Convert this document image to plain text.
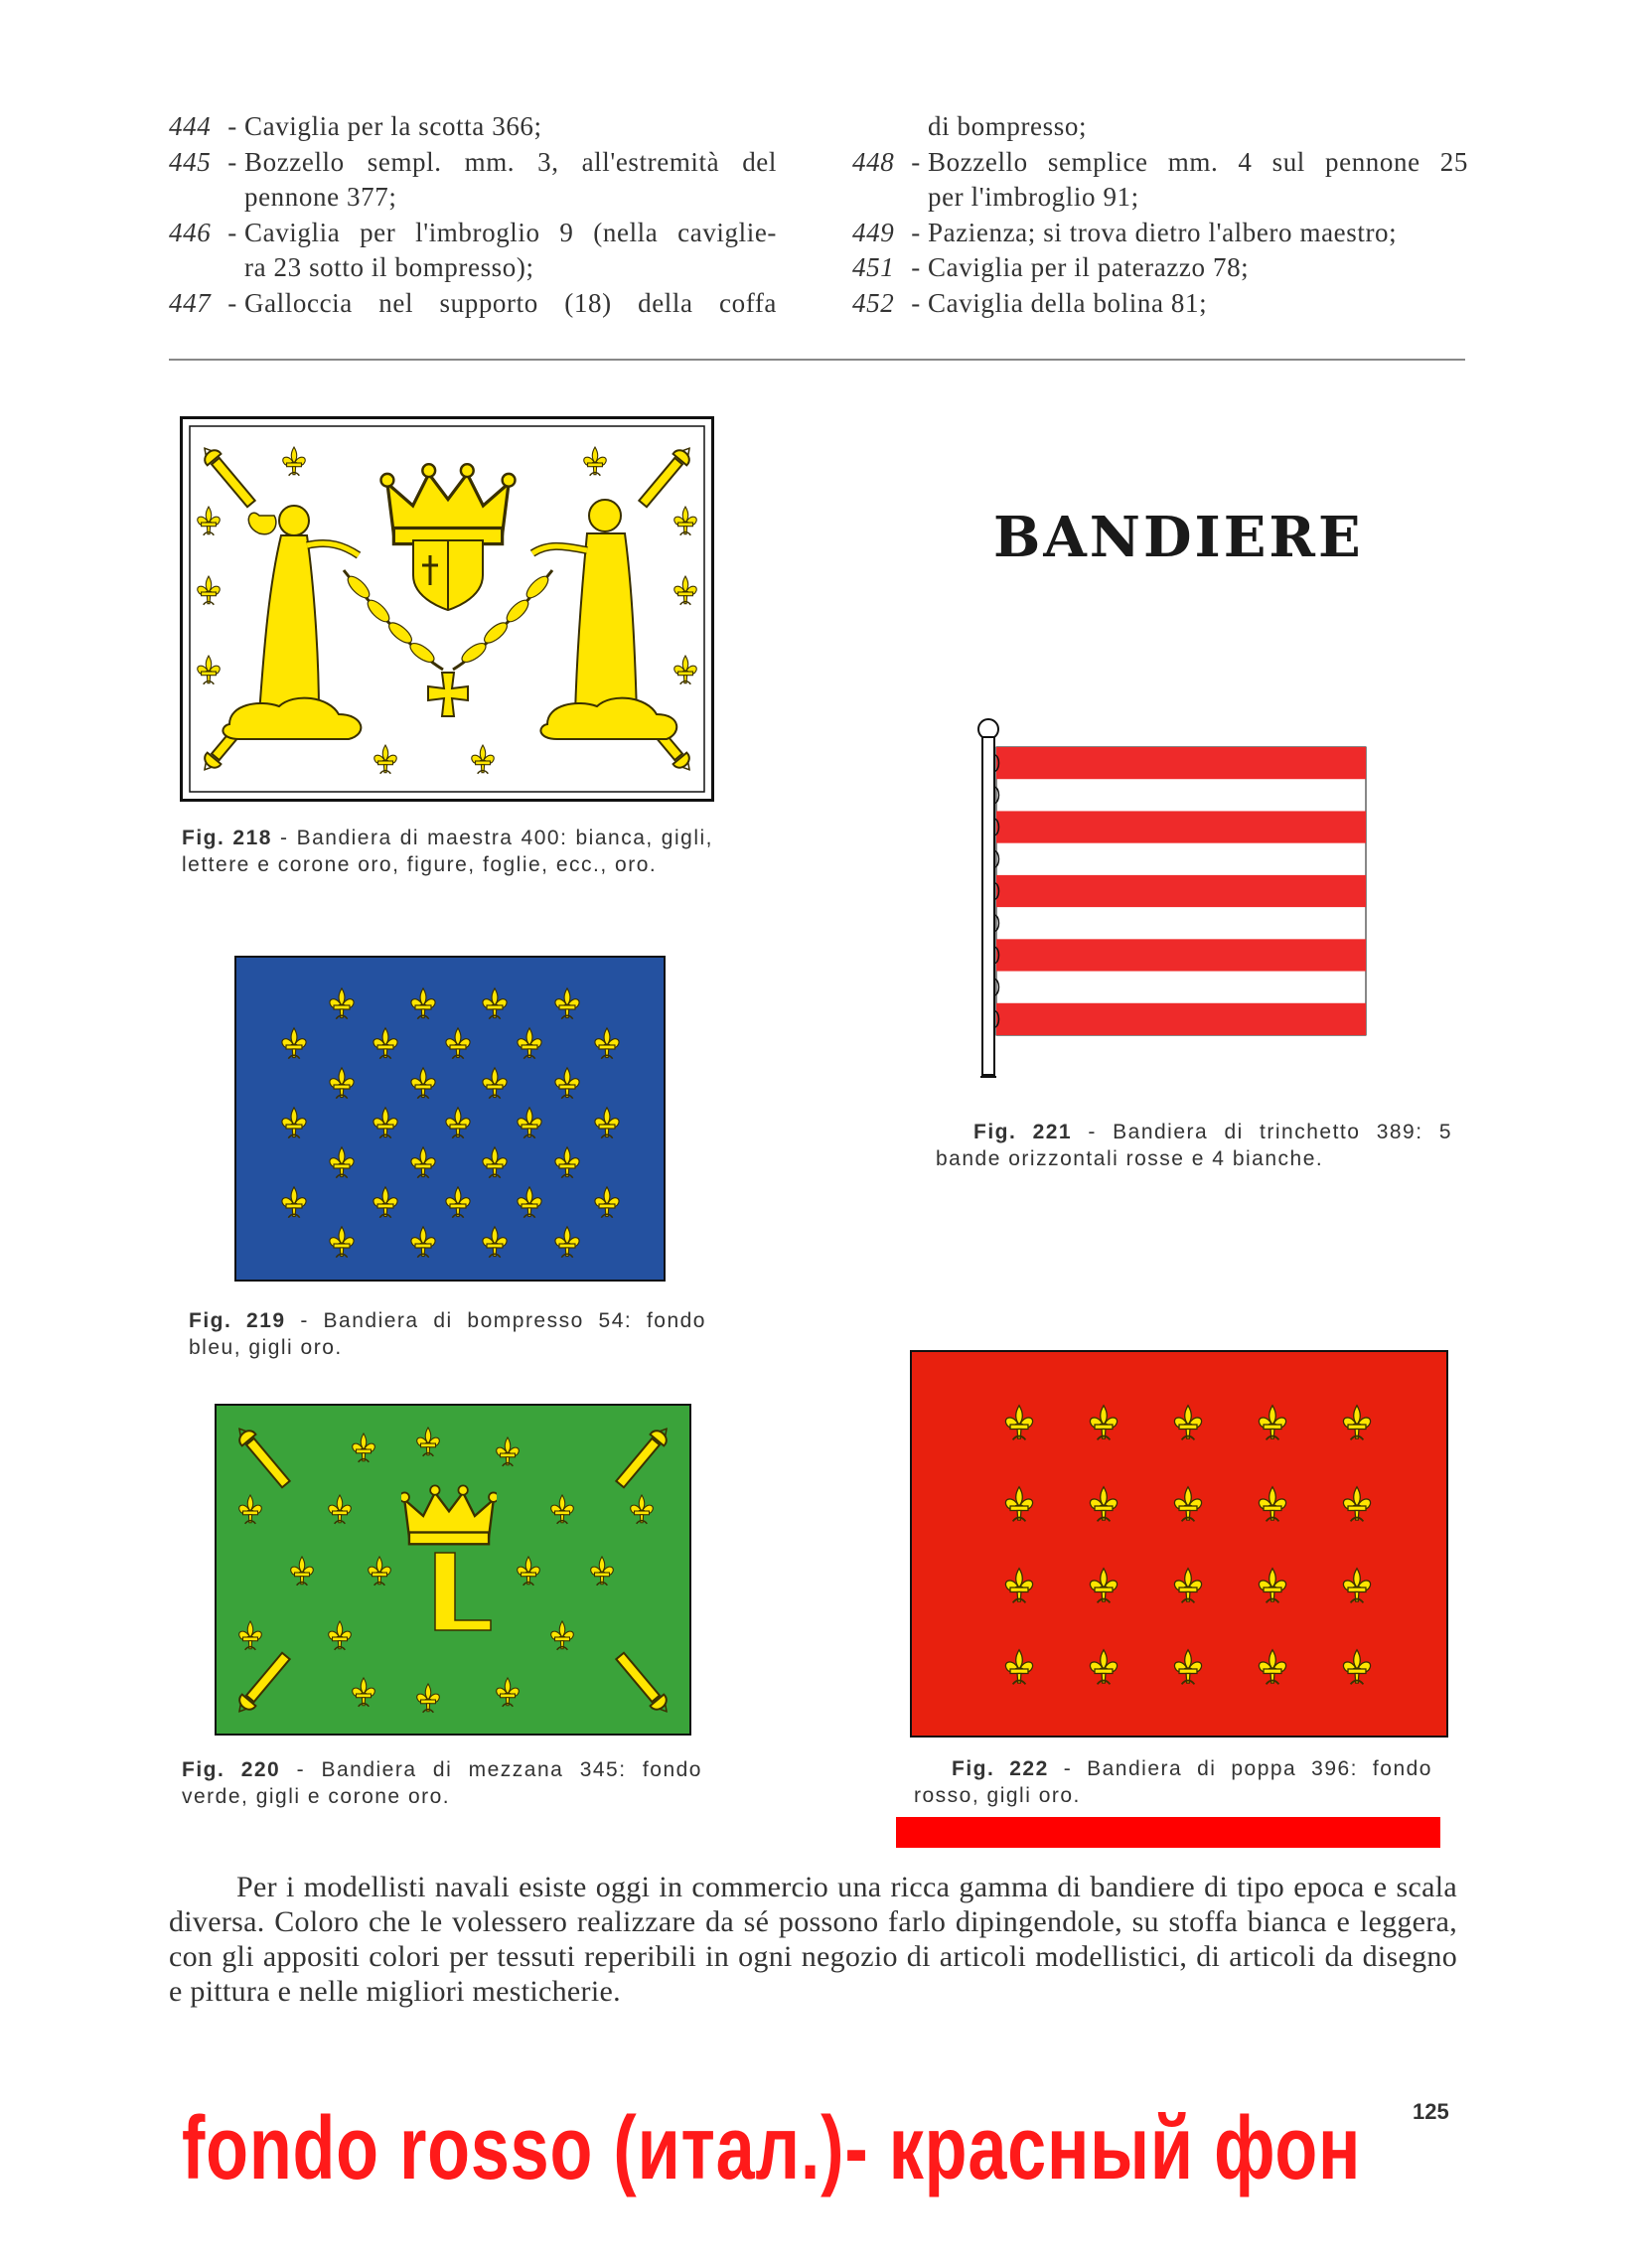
444 - Caviglia per la scotta 366;
445 - Bozzello sempl. mm. 3, all'estremità del
pennone 377;
446 - Caviglia per l'imbroglio 9 (nella caviglie-
ra 23 sotto il bompresso);
447 - Galloccia nel supporto (18) della coffa
di bompresso;
448 - Bozzello semplice mm. 4 sul pennone 25
per l'imbroglio 91;
449 - Pazienza; si trova dietro l'albero maestro;
451 - Caviglia per il paterazzo 78;
452 - Caviglia della bolina 81;
BANDIERE
Fig. 218 - Bandiera di maestra 400: bianca, gigli, lettere e corone oro, figure, foglie, ecc., oro.
Fig. 219 - Bandiera di bompresso 54: fondo bleu, gigli oro.
Fig. 220 - Bandiera di mezzana 345: fondo verde, gigli e corone oro.
Fig. 221 - Bandiera di trinchetto 389: 5 bande orizzontali rosse e 4 bianche.
Fig. 222 - Bandiera di poppa 396: fondo rosso, gigli oro.
Per i modellisti navali esiste oggi in commercio una ricca gamma di bandiere di tipo epoca e scala diversa. Coloro che le volessero realizzare da sé possono farlo dipingendole, su stoffa bianca e leggera, con gli appositi colori per tessuti reperibili in ogni negozio di articoli modellistici, di articoli da disegno e pittura e nelle migliori mesticherie.
125
fondo rosso (итал.)- красный фон
